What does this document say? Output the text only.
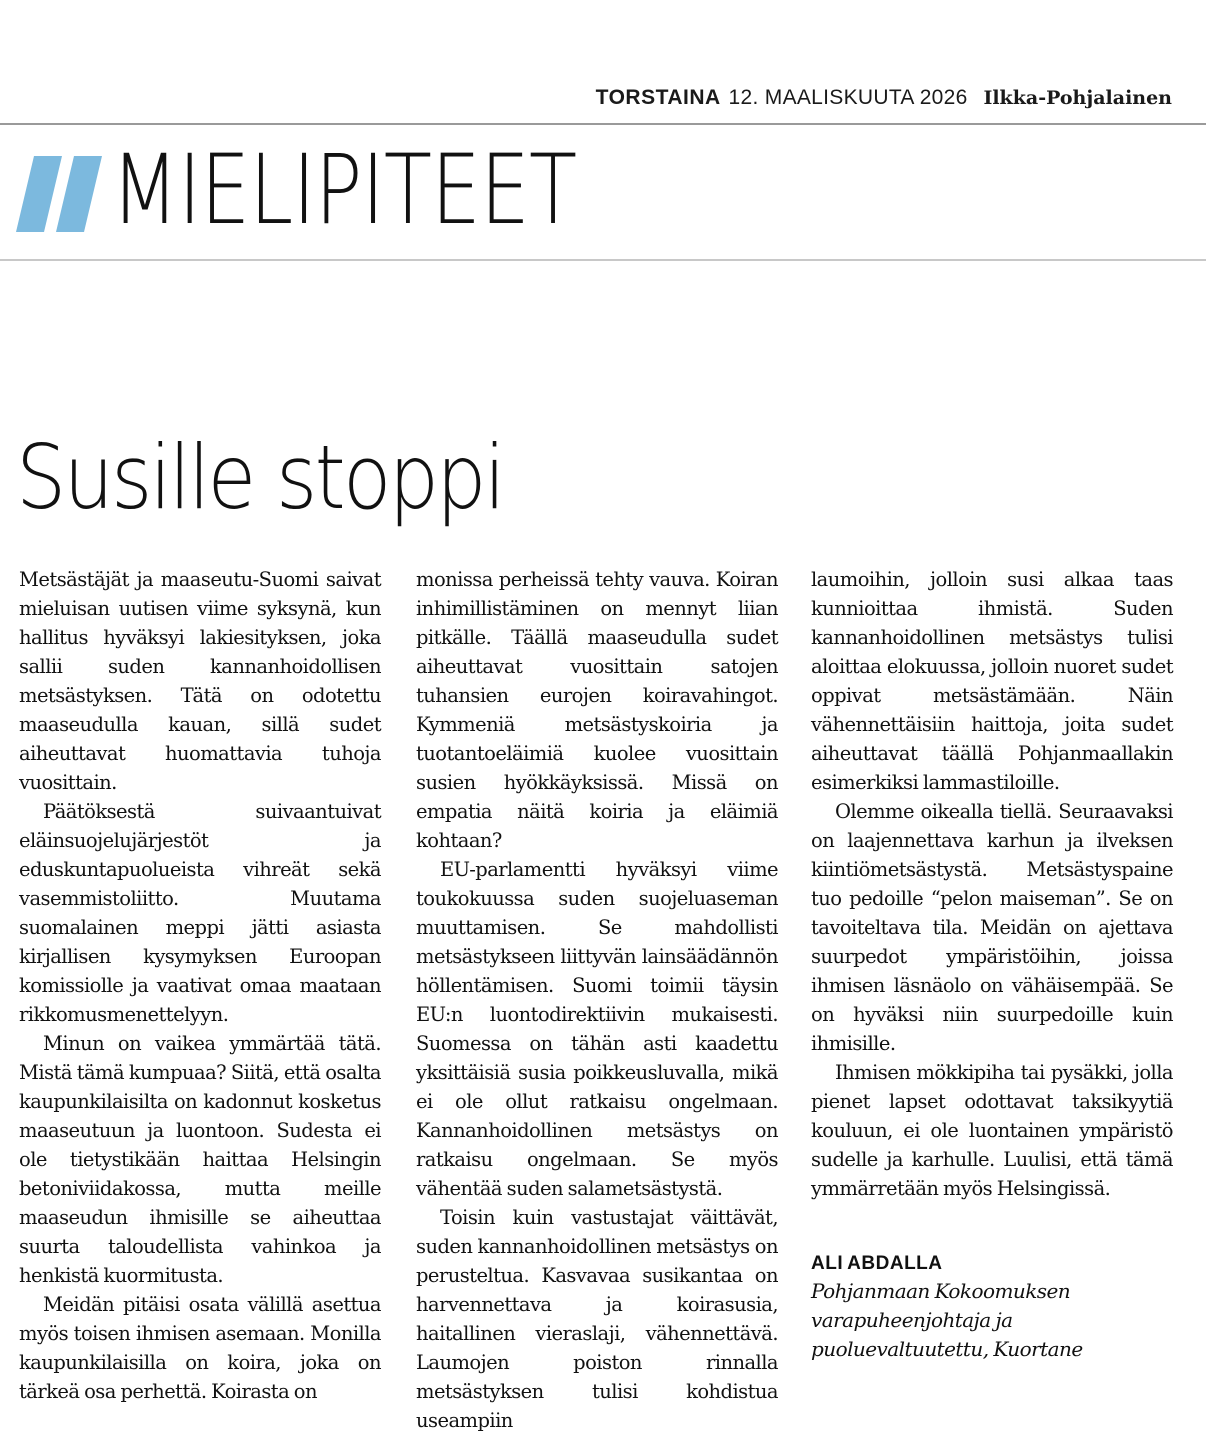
TORSTAINA 12. MAALISKUUTA 2026 Ilkka-Pohjalainen
MIELIPITEET
Susille stoppi

Metsästäjät ja maaseutu-Suomi saivat mieluisan uutisen viime syksynä, kun hallitus hyväksyi lakiesityksen, joka sallii suden kannanhoidollisen metsästyksen. Tätä on odotettu maaseudulla kauan, sillä sudet aiheuttavat huomattavia tuhoja vuosittain.

Päätöksestä suivaantuivat eläinsuojelujärjestöt ja eduskuntapuolueista vihreät sekä vasemmistoliitto. Muutama suomalainen meppi jätti asiasta kirjallisen kysymyksen Euroopan komissiolle ja vaativat omaa maataan rikkomusmenettelyyn.

Minun on vaikea ymmärtää tätä. Mistä tämä kumpuaa? Siitä, että osalta kaupunkilaisilta on kadonnut kosketus maaseutuun ja luontoon. Sudesta ei ole tietystikään haittaa Helsingin betoniviidakossa, mutta meille maaseudun ihmisille se aiheuttaa suurta taloudellista vahinkoa ja henkistä kuormitusta.

Meidän pitäisi osata välillä asettua myös toisen ihmisen asemaan. Monilla kaupunkilaisilla on koira, joka on tärkeä osa perhettä. Koirasta on

monissa perheissä tehty vauva. Koiran inhimillistäminen on mennyt liian pitkälle. Täällä maaseudulla sudet aiheuttavat vuosittain satojen tuhansien eurojen koiravahingot. Kymmeniä metsästyskoiria ja tuotantoeläimiä kuolee vuosittain susien hyökkäyksissä. Missä on empatia näitä koiria ja eläimiä kohtaan?

EU-parlamentti hyväksyi viime toukokuussa suden suojeluaseman muuttamisen. Se mahdollisti metsästykseen liittyvän lainsäädännön höllentämisen. Suomi toimii täysin EU:n luontodirektiivin mukaisesti. Suomessa on tähän asti kaadettu yksittäisiä susia poikkeusluvalla, mikä ei ole ollut ratkaisu ongelmaan. Kannanhoidollinen metsästys on ratkaisu ongelmaan. Se myös vähentää suden salametsästystä.

Toisin kuin vastustajat väittävät, suden kannanhoidollinen metsästys on perusteltua. Kasvavaa susikantaa on harvennettava ja koirasusia, haitallinen vieraslaji, vähennettävä. Laumojen poiston rinnalla metsästyksen tulisi kohdistua useampiin

laumoihin, jolloin susi alkaa taas kunnioittaa ihmistä. Suden kannanhoidollinen metsästys tulisi aloittaa elokuussa, jolloin nuoret sudet oppivat metsästämään. Näin vähennettäisiin haittoja, joita sudet aiheuttavat täällä Pohjanmaallakin esimerkiksi lammastiloille.

Olemme oikealla tiellä. Seuraavaksi on laajennettava karhun ja ilveksen kiintiömetsästystä. Metsästyspaine tuo pedoille “pelon maiseman”. Se on tavoiteltava tila. Meidän on ajettava suurpedot ympäristöihin, joissa ihmisen läsnäolo on vähäisempää. Se on hyväksi niin suurpedoille kuin ihmisille.

Ihmisen mökkipiha tai pysäkki, jolla pienet lapset odottavat taksikyytiä kouluun, ei ole luontainen ympäristö sudelle ja karhulle. Luulisi, että tämä ymmärretään myös Helsingissä.

ALI ABDALLA
Pohjanmaan Kokoomuksen
varapuheenjohtaja ja
puoluevaltuutettu, Kuortane
